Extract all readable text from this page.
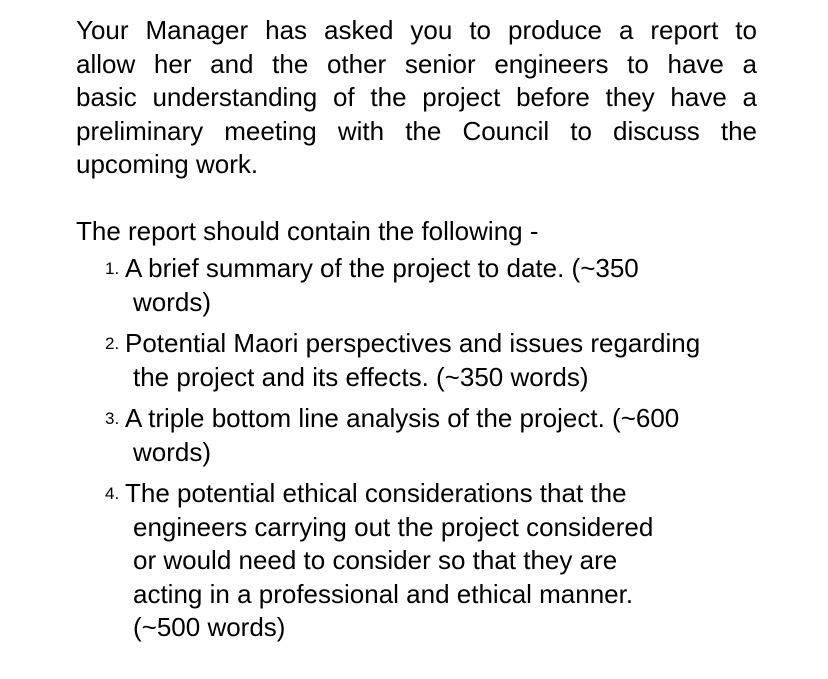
Your Manager has asked you to produce a report to
allow her and the other senior engineers to have a
basic understanding of the project before they have a
preliminary meeting with the Council to discuss the
upcoming work.

The report should contain the following -

1. A brief summary of the project to date. (~350
words)
2. Potential Maori perspectives and issues regarding
the project and its effects. (~350 words)
3. A triple bottom line analysis of the project. (~600
words)
4. The potential ethical considerations that the
engineers carrying out the project considered
or would need to consider so that they are
acting in a professional and ethical manner.
(~500 words)
